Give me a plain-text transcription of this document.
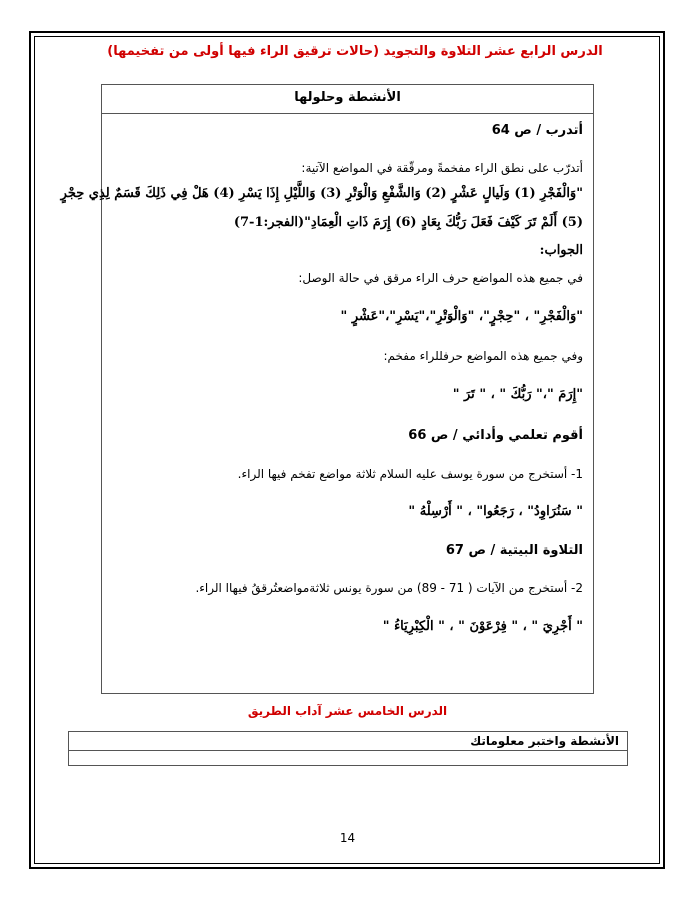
الدرس الرابع عشر التلاوة والتجويد (حالات ترقيق الراء فيها أولى من تفخيمها)
الأنشطة وحلولها
أتدرب / ص 64
أتدرّب على نطق الراء مفخمةً ومرقّقة في المواضع الآتية:
"وَالْفَجْرِ (1) وَلَيالٍ عَشْرٍ (2) وَالشَّفْعِ وَالْوَتْرِ (3) وَاللَّيْلِ إِذَا يَسْرِ (4) هَلْ فِي ذَلِكَ قَسَمٌ لِذِي حِجْرٍ
(5) أَلَمْ تَرَ كَيْفَ فَعَلَ رَبُّكَ بِعَادٍ (6) إِرَمَ ذَاتِ الْعِمَادِ"(الفجر:1-7)
الجواب:
في جميع هذه المواضع حرف الراء مرقق في حالة الوصل:
"وَالْفَجْرِ" ، "حِجْرٍ"، "وَالْوَتْرِ"،"يَسْرِ"،"عَشْرٍ "
وفي جميع هذه المواضع حرفللراء مفخم:
"إِرَمَ "،" رَبُّكَ " ، " تَرَ "
أقوم تعلمي وأدائي / ص 66
1- أستخرج من سورة يوسف عليه السلام ثلاثة مواضع تفخم فيها الراء.
" سَنُرَاوِدُ" ، رَجَعُوا" ، " أَرْسِلْهُ "
التلاوة البيتية / ص 67
2- أستخرج من الآيات ( 71 - 89) من سورة يونس ثلاثةمواضعتُرققُ فيهاا الراء.
" أَجْرِيَ " ، " فِرْعَوْنَ " ، " الْكِبْرِيَاءُ "
الدرس الخامس عشر آداب الطريق
الأنشطة واختبر معلوماتك
14
